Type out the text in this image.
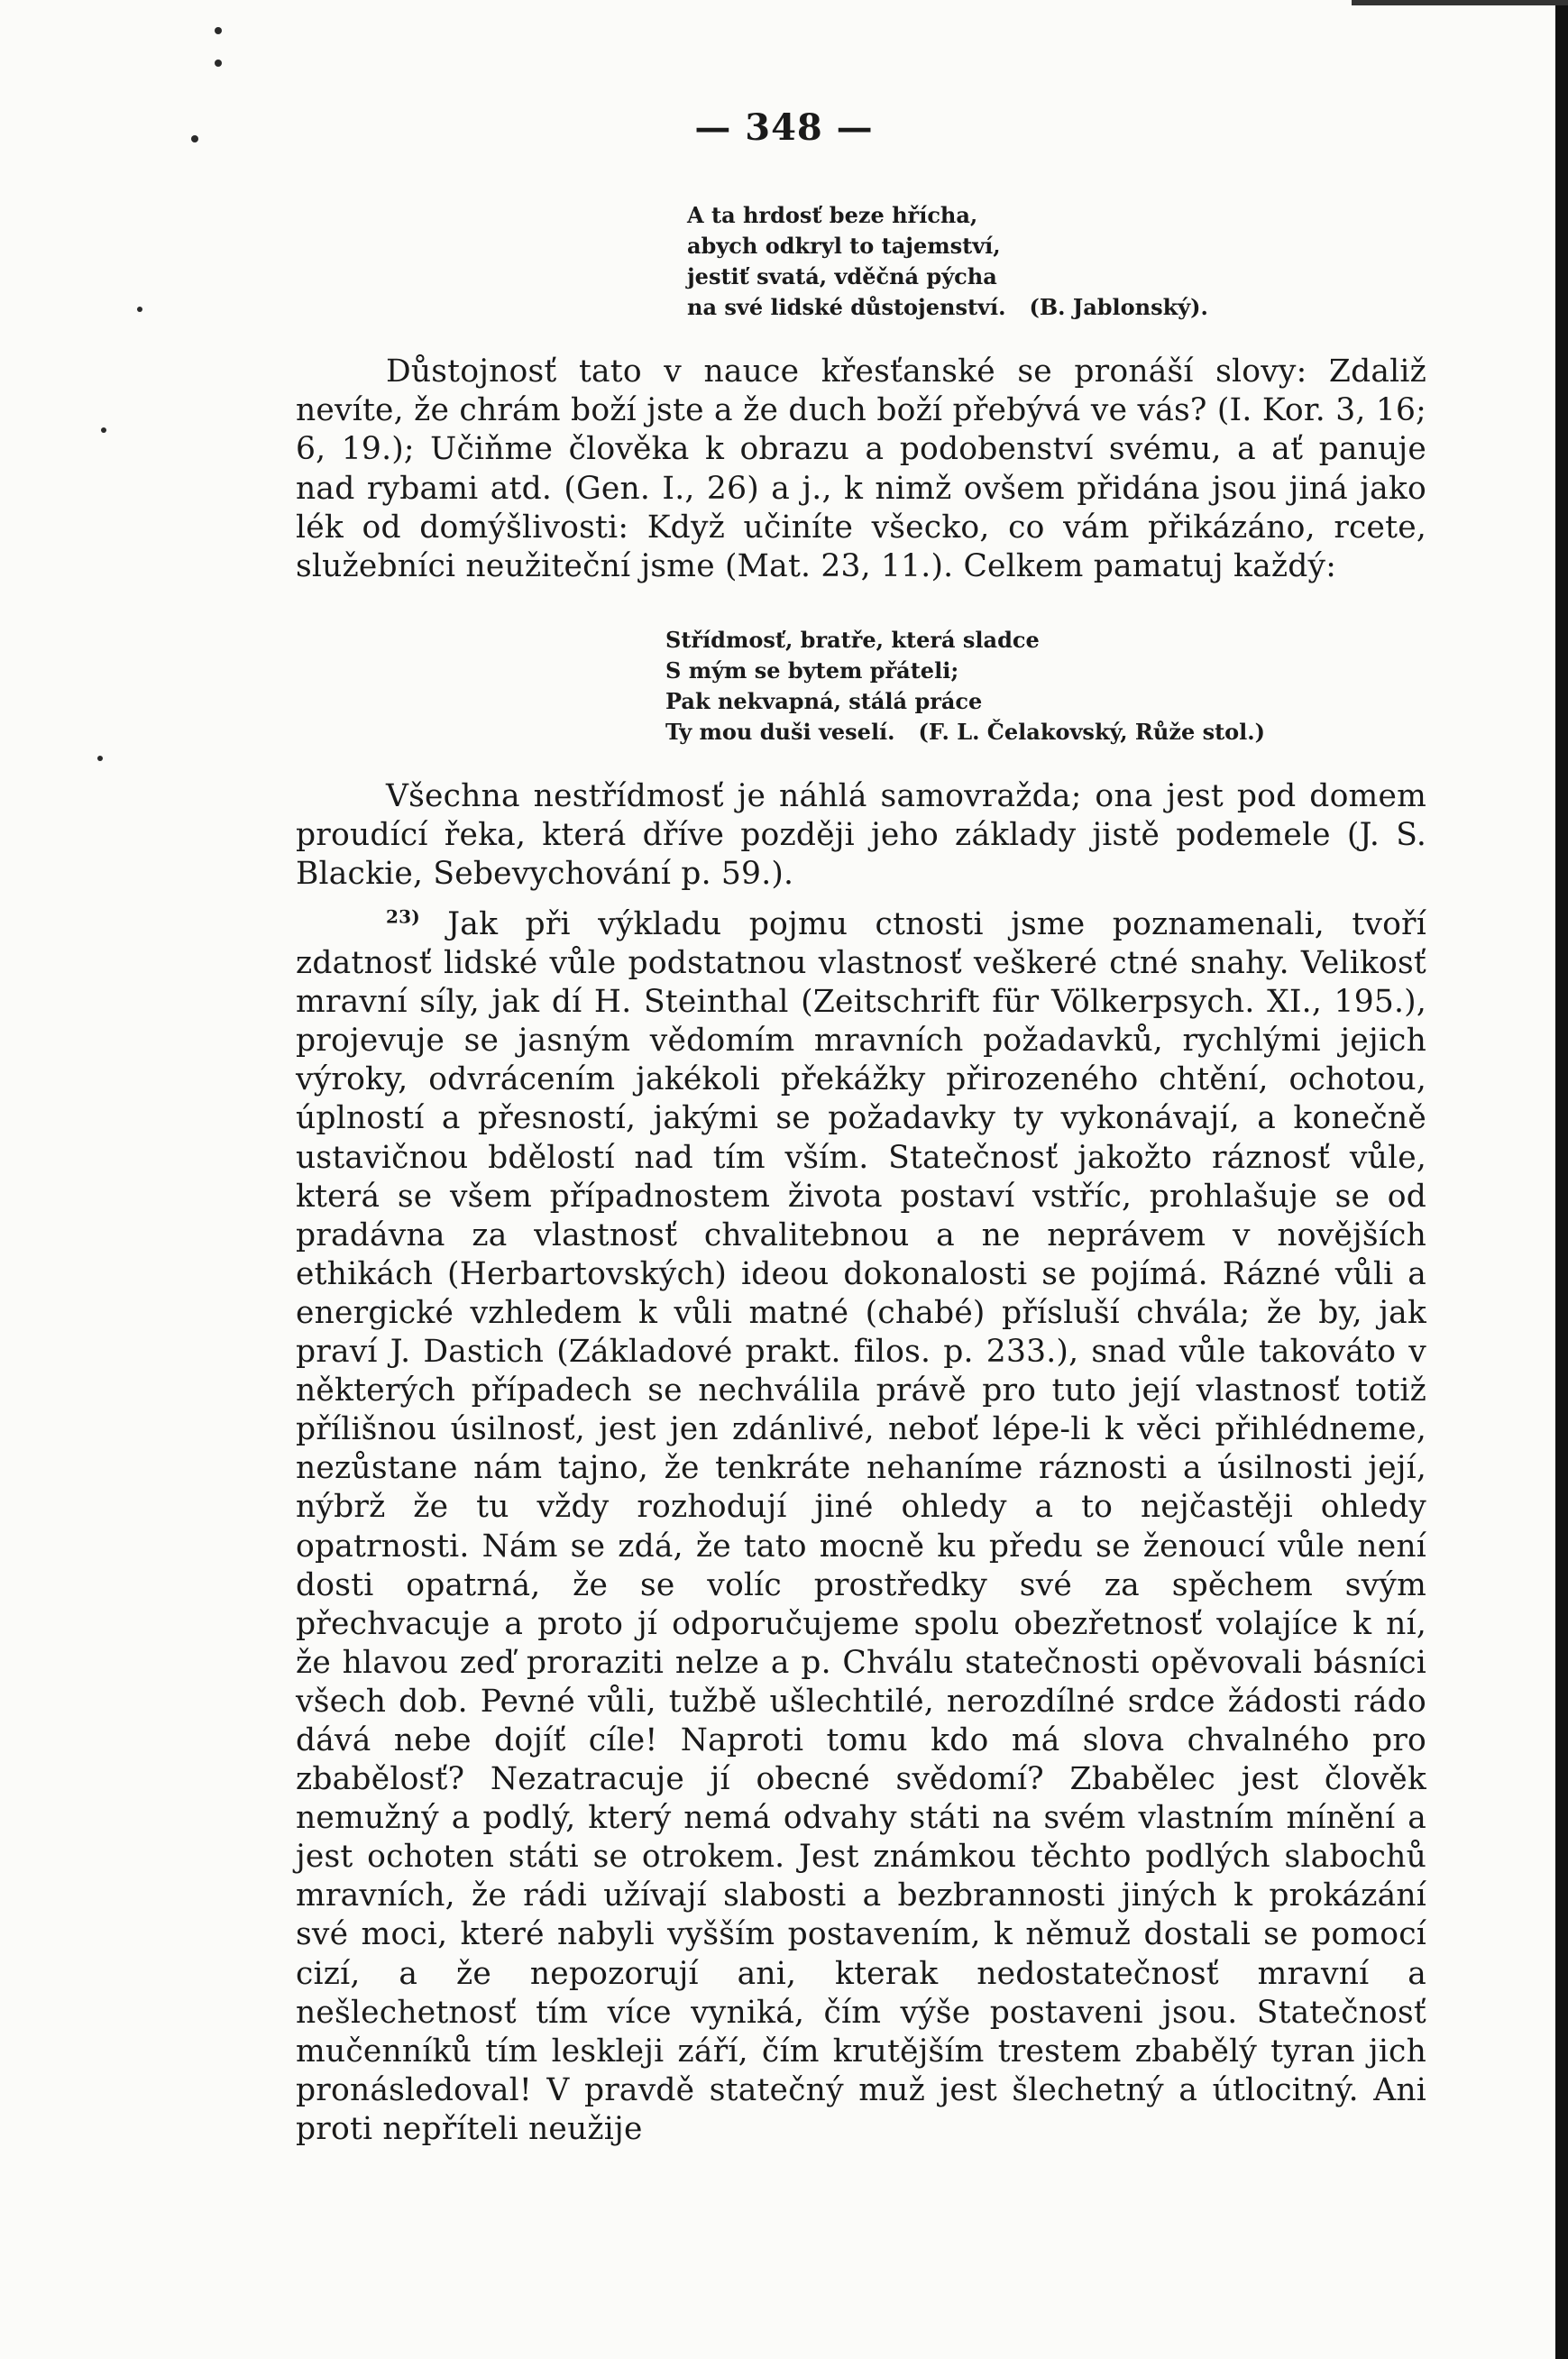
— 348 —
A ta hrdosť beze hřícha,
abych odkryl to tajemství,
jestiť svatá, vděčná pýcha
na své lidské důstojenství. (B. Jablonský).
Důstojnosť tato v nauce křesťanské se pronáší slovy: Zdaliž nevíte, že chrám boží jste a že duch boží přebývá ve vás? (I. Kor. 3, 16; 6, 19.); Učiňme člověka k obrazu a podobenství svému, a ať panuje nad rybami atd. (Gen. I., 26) a j., k nimž ovšem přidána jsou jiná jako lék od domýšlivosti: Když učiníte všecko, co vám přikázáno, rcete, služebníci neužiteční jsme (Mat. 23, 11.). Celkem pamatuj každý:
Střídmosť, bratře, která sladce
S mým se bytem přáteli;
Pak nekvapná, stálá práce
Ty mou duši veselí. (F. L. Čelakovský, Růže stol.)
Všechna nestřídmosť je náhlá samovražda; ona jest pod domem proudící řeka, která dříve později jeho základy jistě podemele (J. S. Blackie, Sebevychování p. 59.).
$^{23)}$ Jak při výkladu pojmu ctnosti jsme poznamenali, tvoří zdatnosť lidské vůle podstatnou vlastnosť veškeré ctné snahy. Velikosť mravní síly, jak dí H. Steinthal (Zeitschrift für Völkerpsych. XI., 195.), projevuje se jasným vědomím mravních požadavků, rychlými jejich výroky, odvrácením jakékoli překážky přirozeného chtění, ochotou, úplností a přesností, jakými se požadavky ty vykonávají, a konečně ustavičnou bdělostí nad tím vším. Statečnosť jakožto ráznosť vůle, která se všem případnostem života postaví vstříc, prohlašuje se od pradávna za vlastnosť chvalitebnou a ne neprávem v novějších ethikách (Herbartovských) ideou dokonalosti se pojímá. Rázné vůli a energické vzhledem k vůli matné (chabé) přísluší chvála; že by, jak praví J. Dastich (Základové prakt. filos. p. 233.), snad vůle takováto v některých případech se nechválila právě pro tuto její vlastnosť totiž přílišnou úsilnosť, jest jen zdánlivé, neboť lépe-li k věci přihlédneme, nezůstane nám tajno, že tenkráte nehaníme ráznosti a úsilnosti její, nýbrž že tu vždy rozhodují jiné ohledy a to nejčastěji ohledy opatrnosti. Nám se zdá, že tato mocně ku předu se ženoucí vůle není dosti opatrná, že se volíc prostředky své za spěchem svým přechvacuje a proto jí odporučujeme spolu obezřetnosť volajíce k ní, že hlavou zeď proraziti nelze a p. Chválu statečnosti opěvovali básníci všech dob. Pevné vůli, tužbě ušlechtilé, nerozdílné srdce žádosti rádo dává nebe dojíť cíle! Naproti tomu kdo má slova chvalného pro zbabělosť? Nezatracuje jí obecné svědomí? Zbabělec jest člověk nemužný a podlý, který nemá odvahy státi na svém vlastním mínění a jest ochoten státi se otrokem. Jest známkou těchto podlých slabochů mravních, že rádi užívají slabosti a bezbrannosti jiných k prokázání své moci, které nabyli vyšším postavením, k němuž dostali se pomocí cizí, a že nepozorují ani, kterak nedostatečnosť mravní a nešlechetnosť tím více vyniká, čím výše postaveni jsou. Statečnosť mučenníků tím leskleji září, čím krutějším trestem zbabělý tyran jich pronásledoval! V pravdě statečný muž jest šlechetný a útlocitný. Ani proti nepříteli neužije
